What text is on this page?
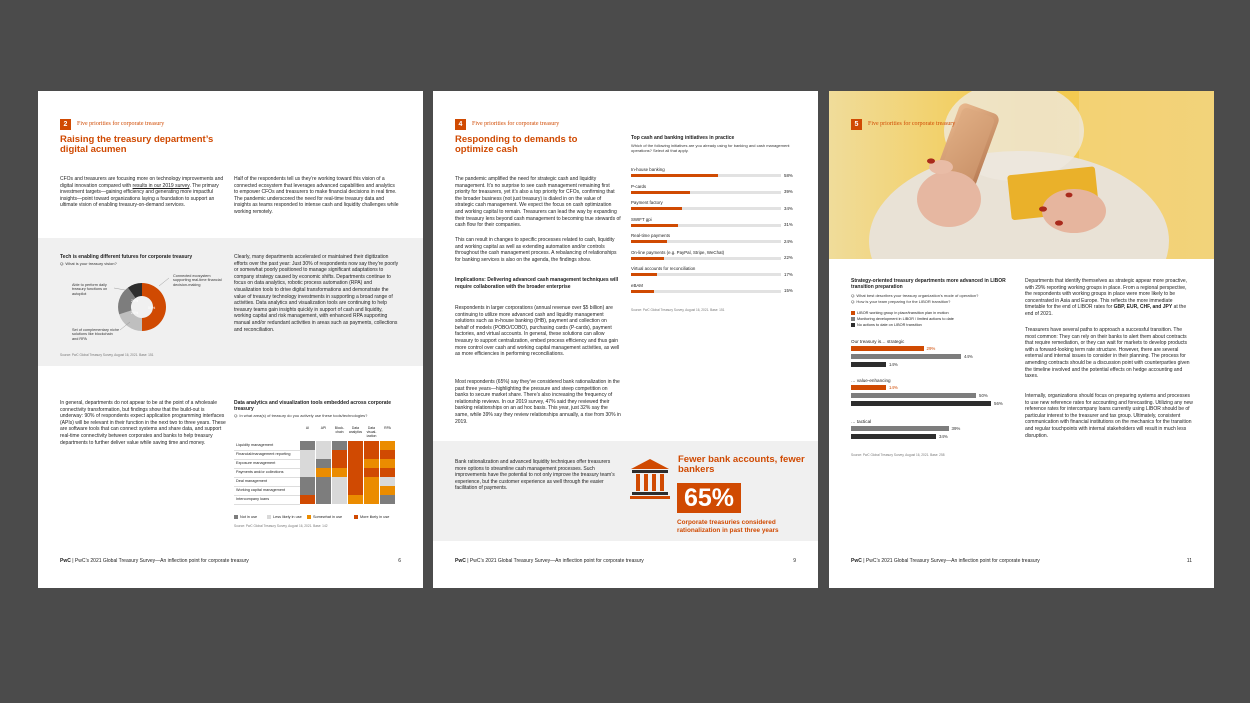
2	Five priorities for corporate treasury
Raising the treasury department’s digital acumen
CFOs and treasurers are focusing more on technology improvements and digital innovation compared with results in our 2019 survey. The primary investment targets—gaining efficiency and generating more impactful insights—point toward organizations laying a foundation to support an ultimate vision of enabling treasury-on-demand services.
Half of the respondents tell us they’re working toward this vision of a connected ecosystem that leverages advanced capabilities and analytics to empower CFOs and treasurers to make financial decisions in real time. The pandemic underscored the need for real-time treasury data and insights as teams responded to intense cash and liquidity challenges while working remotely.
Tech is enabling different futures for corporate treasury
Q: What is your treasury vision?
50%
20%
20%
Connected ecosystem supporting real-time financial decision-making
Able to perform daily treasury functions on autopilot
Set of complementary niche solutions like blockchain and RPA
Source: PwC Global Treasury Survey, August 16, 2021. Base: 151
Clearly, many departments accelerated or maintained their digitization efforts over the past year: Just 30% of respondents now say they’re poorly or somewhat poorly positioned to manage significant adaptations to company strategy caused by economic shifts. Departments continue to focus on data analytics, robotic process automation (RPA) and visualization tools to drive digital transformations and demonstrate the value of treasury technology investments in supporting a broad range of activities. Data analytics and visualization tools are continuing to help treasury teams gain insights quickly in support of cash and liquidity, working capital and risk management, with enhanced RPA supporting manual and/or redundant activities in areas such as payments, collections and reconciliation.
In general, departments do not appear to be at the point of a wholesale connectivity transformation, but findings show that the build-out is underway: 90% of respondents expect application programming interfaces (APIs) will be relevant in their function in the next two to three years. These are software tools that can connect systems and share data, and support real-time connectivity between corporates and banks to help treasury departments to further deliver value while saving time and money.
Data analytics and visualization tools embedded across corporate treasury
Q: In what area(s) of treasury do you actively use these tools/technologies?
AI	API	Block-chain
Data analytics
Data visual-ization
RPA
Liquidity management
Financial/management reporting
Exposure management
Payments and/or collections
Deal management
Working capital management
Intercompany loans
Not in use	Less likely in use	Somewhat in use	More likely in use
Source: PwC Global Treasury Survey, August 16, 2021. Base: 142
PwC | PwC’s 2021 Global Treasury Survey—An inflection point for corporate treasury	6
4	Five priorities for corporate treasury
Responding to demands to optimize cash
The pandemic amplified the need for strategic cash and liquidity management. It’s no surprise to see cash management remaining first priority for treasurers, yet it’s also a top priority for CFOs, confirming that the broader business (not just treasury) is dialed in on the value of strategic cash management. We expect the focus on cash optimization and working capital to remain. Treasurers can lead the way by expanding their treasury lens beyond cash management to becoming true stewards of cash flow for their companies.
This can result in changes to specific processes related to cash, liquidity and working capital as well as extending automation and/or controls throughout the cash management process. A rebalancing of relationships for banking services is also on the agenda, the findings show.
Implications: Delivering advanced cash management techniques will require collaboration with the broader enterprise
Respondents in larger corporations (annual revenue over $5 billion) are continuing to utilize more advanced cash and liquidity management solutions such as in-house banking (IHB), payment and collection on behalf of models (POBO/COBO), purchasing cards (P-cards), payment factories, and virtual accounts. In general, these solutions can allow treasury to support centralization, embed process efficiency and thus gain more control over cash and working capital management activities, as well as more efficiencies in performing reconciliations.
Most respondents (65%) say they’ve considered bank rationalization in the past three years—highlighting the pressure and steep competition on banks to secure market share. There’s also increasing the frequency of relationship reviews. In our 2019 survey, 47% said they reviewed their banking relationships on an ad hoc basis. This year, just 32% say the same, while 39% say they review relationships annually, a rise from 30% in 2019.
Top cash and banking initiatives in practice
Which of the following initiatives are you already using for banking and cash management operations? Select all that apply.
In-house banking
58%
P-cards
39%
Payment factory
34%
SWIFT gpi
31%
Real-time payments
24%
On-line payments (e.g. PayPal, Stripe, WeChat)
22%
Virtual accounts for reconciliation
17%
eBAM
15%
Source: PwC Global Treasury Survey, August 16, 2021. Base: 151
Bank rationalization and advanced liquidity techniques offer treasurers more options to streamline cash management processes. Such improvements have the potential to not only improve the treasury team’s experience, but the customer experience as well through the easier facilitation of payments.
Fewer bank accounts, fewer bankers
65%
Corporate treasuries considered rationalization in past three years
PwC | PwC’s 2021 Global Treasury Survey—An inflection point for corporate treasury	9
5	Five priorities for corporate treasury
Strategy-oriented treasury departments more advanced in LIBOR transition preparation
Q: What best describes your treasury organization’s mode of operation?
Q: How is your team preparing for the LIBOR transition?
LIBOR working group in place/transition plan in motion
Monitoring development in LIBOR / limited actions to date
No actions to date on LIBOR transition
Our treasury is… strategic
29%
44%
14%
… value-enhancing
14%
50%
56%
… tactical
39%
34%
Source: PwC Global Treasury Survey, August 16, 2021. Base: 258
Departments that identify themselves as strategic appear more proactive, with 29% reporting working groups in place. From a regional perspective, the respondents with working groups in place were more likely to be concentrated in Asia and Europe. This reflects the more immediate timetable for the end of LIBOR rates for GBP, EUR, CHF, and JPY at the end of 2021.
Treasurers have several paths to approach a successful transition. The most common: They can rely on their banks to alert them about contracts that require remediation, or they can wait for markets to develop products with a forward-looking term rate structure. However, there are several external and internal issues to consider in their planning. The process for amending contracts should be a discussion point with counterparties given the timeline involved and the potential effects on hedge accounting and taxes.
Internally, organizations should focus on preparing systems and processes to use new reference rates for accounting and forecasting. Utilizing any new reference rates for intercompany loans currently using LIBOR should be of particular interest to the treasurer and tax group. Ultimately, consistent communication with financial institutions on the mechanics for the transition and regular touchpoints with internal stakeholders will result in much less disruption.
PwC | PwC’s 2021 Global Treasury Survey—An inflection point for corporate treasury	11
